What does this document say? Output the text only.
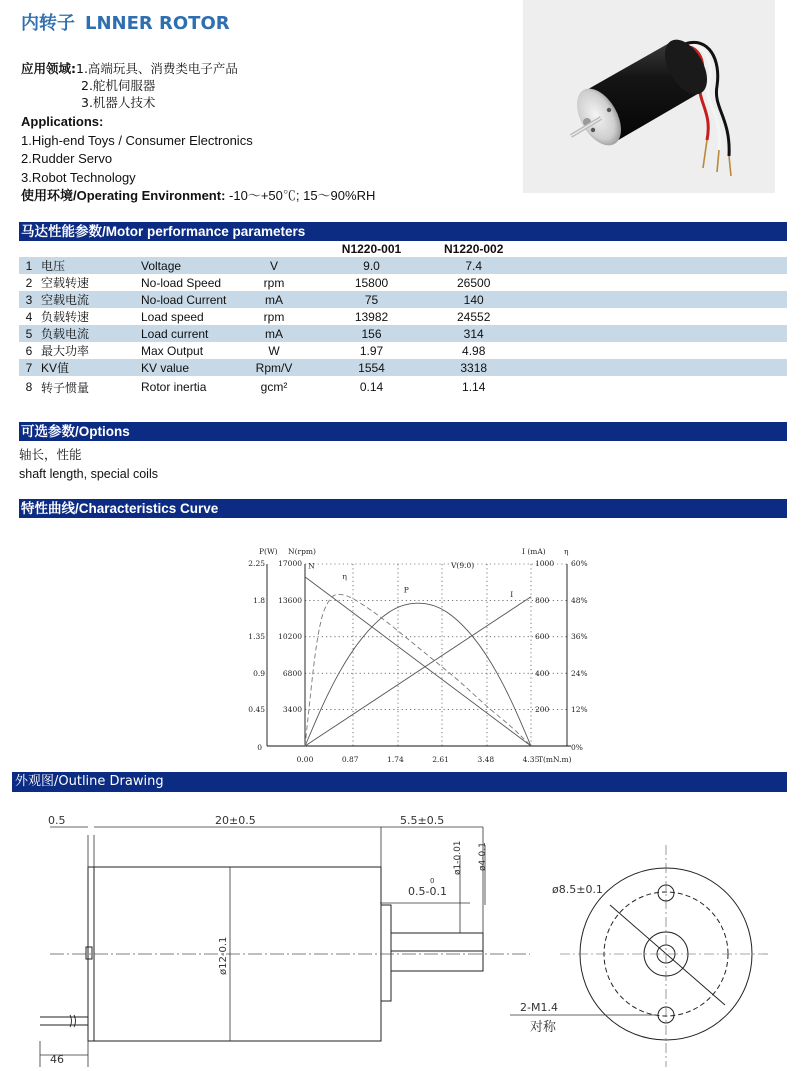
内转子 LNNER ROTOR
应用领域:1.高端玩具、消费类电子产品
2.舵机伺服器
3.机器人技术
Applications:
1.High-end Toys / Consumer Electronics
2.Rudder Servo
3.Robot Technology
使用环境/Operating Environment: -10～+50℃; 15～90%RH
马达性能参数/Motor performance parameters
				N1220-001	N1220-002	
1	电压	Voltage	V	9.0	7.4	
2	空载转速	No-load Speed	rpm	15800	26500	
3	空载电流	No-load Current	mA	75	140	
4	负载转速	Load speed	rpm	13982	24552	
5	负载电流	Load current	mA	156	314	
6	最大功率	Max Output	W	1.97	4.98	
7	KV值	KV value	Rpm/V	1554	3318	
8	转子惯量	Rotor inertia	gcm²	0.14	1.14	
可选参数/Options
轴长，性能
shaft length, special coils
特性曲线/Characteristics Curve
P(W) N(rpm)	I (mA) η
V(9.0)
T(mN.m)
2.25
1.8
1.35
0.9
0.45
0
17000
13600
10200
6800
3400
1000
800
600
400
200
60%
48%
36%
24%
12%
0%
0.00	0.87	1.74	2.61	3.48	4.35
N
η
P	I
外观图/Outline Drawing
0.5	20±0.5	5.5±0.5
0
0.5-0.1
ø1-0.01 ø4-0.1
ø12-0.1
46
ø8.5±0.1
2-M1.4
对称
